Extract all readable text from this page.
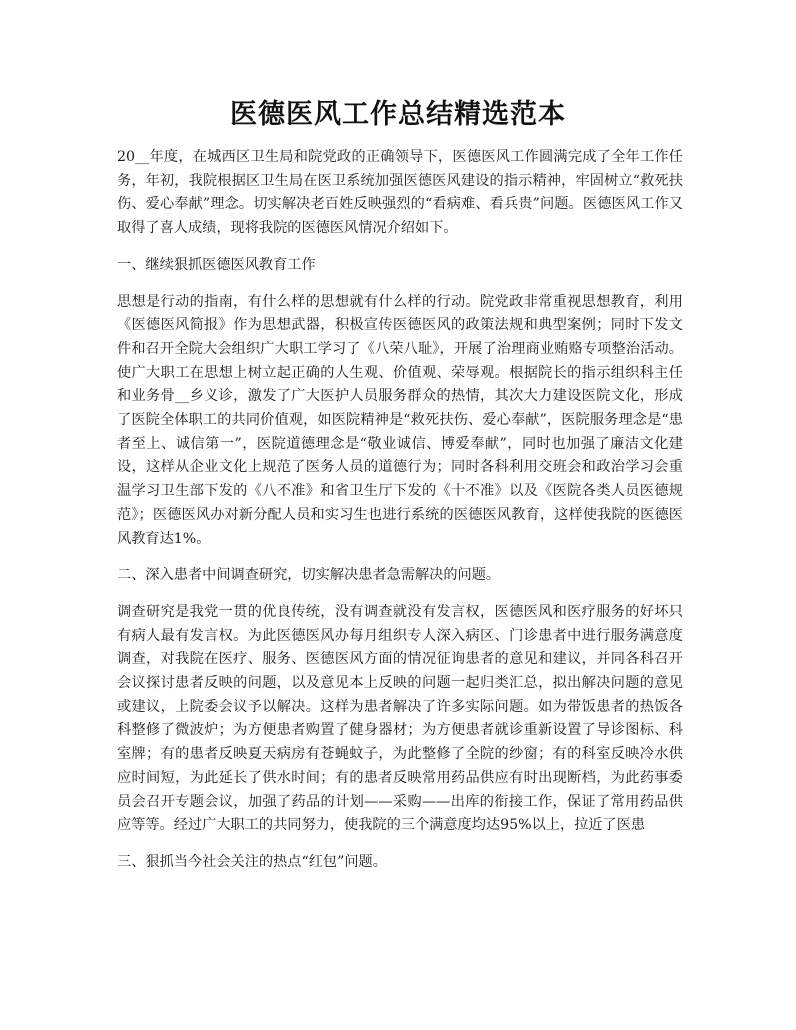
医德医风工作总结精选范本

20__年度，在城西区卫生局和院党政的正确领导下，医德医风工作圆满完成了全年工作任务，年初，我院根据区卫生局在医卫系统加强医德医风建设的指示精神，牢固树立“救死扶伤、爱心奉献”理念。切实解决老百姓反映强烈的“看病难、看兵贵”问题。医德医风工作又取得了喜人成绩，现将我院的医德医风情况介绍如下。

一、继续狠抓医德医风教育工作

思想是行动的指南，有什么样的思想就有什么样的行动。院党政非常重视思想教育，利用《医德医风简报》作为思想武器，积极宣传医德医风的政策法规和典型案例；同时下发文件和召开全院大会组织广大职工学习了《八荣八耻》，开展了治理商业贿赂专项整治活动。使广大职工在思想上树立起正确的人生观、价值观、荣辱观。根据院长的指示组织科主任和业务骨__乡义诊，激发了广大医护人员服务群众的热情，其次大力建设医院文化，形成了医院全体职工的共同价值观，如医院精神是“救死扶伤、爱心奉献”，医院服务理念是“患者至上、诚信第一”，医院道德理念是“敬业诚信、博爱奉献”，同时也加强了廉洁文化建设，这样从企业文化上规范了医务人员的道德行为；同时各科利用交班会和政治学习会重温学习卫生部下发的《八不准》和省卫生厅下发的《十不准》以及《医院各类人员医德规范》；医德医风办对新分配人员和实习生也进行系统的医德医风教育，这样使我院的医德医风教育达1%。

二、深入患者中间调查研究，切实解决患者急需解决的问题。

调查研究是我党一贯的优良传统，没有调查就没有发言权，医德医风和医疗服务的好坏只有病人最有发言权。为此医德医风办每月组织专人深入病区、门诊患者中进行服务满意度调查，对我院在医疗、服务、医德医风方面的情况征询患者的意见和建议，并同各科召开会议探讨患者反映的问题，以及意见本上反映的问题一起归类汇总，拟出解决问题的意见或建议，上院委会议予以解决。这样为患者解决了许多实际问题。如为带饭患者的热饭各科整修了微波炉；为方便患者购置了健身器材；为方便患者就诊重新设置了导诊图标、科室牌；有的患者反映夏天病房有苍蝇蚊子，为此整修了全院的纱窗；有的科室反映冷水供应时间短，为此延长了供水时间；有的患者反映常用药品供应有时出现断档，为此药事委员会召开专题会议，加强了药品的计划——采购——出库的衔接工作，保证了常用药品供应等等。经过广大职工的共同努力，使我院的三个满意度均达95%以上，拉近了医患

三、狠抓当今社会关注的热点“红包”问题。
